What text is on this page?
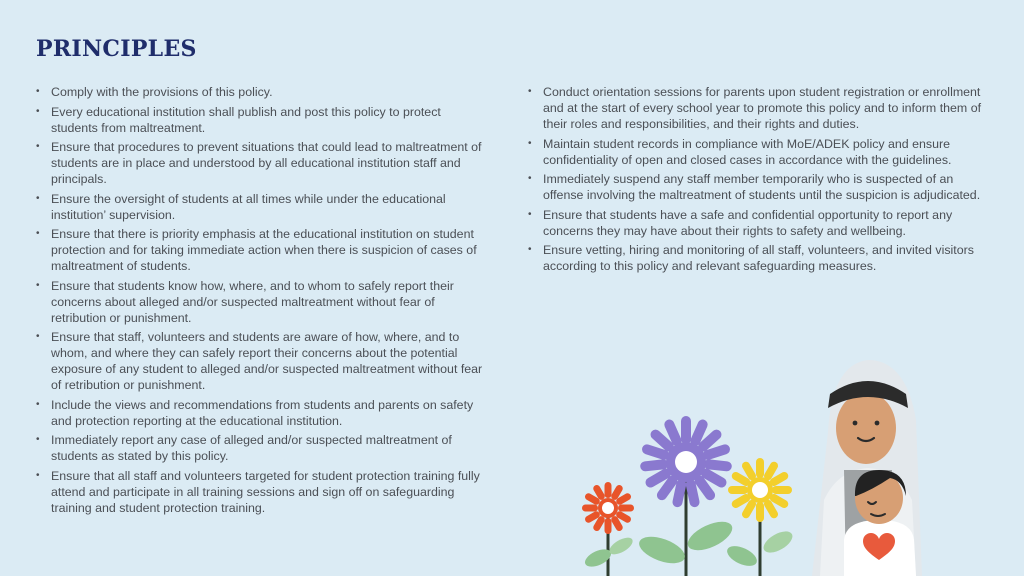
PRINCIPLES
• Comply with the provisions of this policy.
• Every educational institution shall publish and post this policy to protect students from maltreatment.
• Ensure that procedures to prevent situations that could lead to maltreatment of students are in place and understood by all educational institution staff and principals.
• Ensure the oversight of students at all times while under the educational institution’ supervision.
• Ensure that there is priority emphasis at the educational institution on student protection and for taking immediate action when there is suspicion of cases of maltreatment of students.
• Ensure that students know how, where, and to whom to safely report their concerns about alleged and/or suspected maltreatment without fear of retribution or punishment.
• Ensure that staff, volunteers and students are aware of how, where, and to whom, and where they can safely report their concerns about the potential exposure of any student to alleged and/or suspected maltreatment without fear of retribution or punishment.
• Include the views and recommendations from students and parents on safety and protection reporting at the educational institution.
• Immediately report any case of alleged and/or suspected maltreatment of students as stated by this policy.
• Ensure that all staff and volunteers targeted for student protection training fully attend and participate in all training sessions and sign off on safeguarding training and student protection training.
• Conduct orientation sessions for parents upon student registration or enrollment and at the start of every school year to promote this policy and to inform them of their roles and responsibilities, and their rights and duties.
• Maintain student records in compliance with MoE/ADEK policy and ensure confidentiality of open and closed cases in accordance with the guidelines.
• Immediately suspend any staff member temporarily who is suspected of an offense involving the maltreatment of students until the suspicion is adjudicated.
• Ensure that students have a safe and confidential opportunity to report any concerns they may have about their rights to safety and wellbeing.
• Ensure vetting, hiring and monitoring of all staff, volunteers, and invited visitors according to this policy and relevant safeguarding measures.
